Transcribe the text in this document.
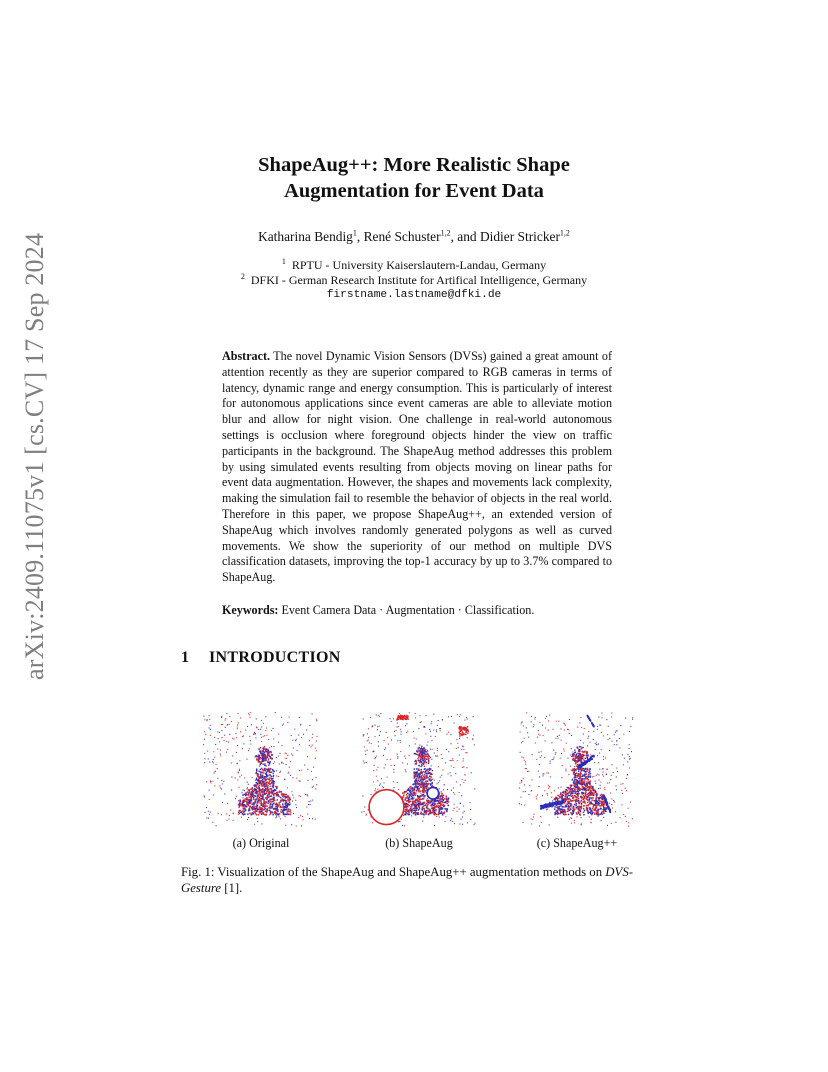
arXiv:2409.11075v1 [cs.CV] 17 Sep 2024
ShapeAug++: More Realistic Shape
Augmentation for Event Data
Katharina Bendig$^1$, René Schuster$^{1,2}$, and Didier Stricker$^{1,2}$
$^1$ RPTU - University Kaiserslautern-Landau, Germany
$^2$ DFKI - German Research Institute for Artifical Intelligence, Germany
firstname.lastname@dfki.de
Abstract. The novel Dynamic Vision Sensors (DVSs) gained a great amount of attention recently as they are superior compared to RGB cameras in terms of latency, dynamic range and energy consumption. This is particularly of interest for autonomous applications since event cameras are able to alleviate motion blur and allow for night vision. One challenge in real-world autonomous settings is occlusion where foreground objects hinder the view on traffic participants in the background. The ShapeAug method addresses this problem by using simulated events resulting from objects moving on linear paths for event data augmentation. However, the shapes and movements lack complexity, making the simulation fail to resemble the behavior of objects in the real world. Therefore in this paper, we propose ShapeAug++, an extended version of ShapeAug which involves randomly generated polygons as well as curved movements. We show the superiority of our method on multiple DVS classification datasets, improving the top-1 accuracy by up to 3.7% compared to ShapeAug.
Keywords: Event Camera Data · Augmentation · Classification.
1 INTRODUCTION
(a) Original	(b) ShapeAug	(c) ShapeAug++
Fig. 1: Visualization of the ShapeAug and ShapeAug++ augmentation methods on DVS-Gesture [1].
